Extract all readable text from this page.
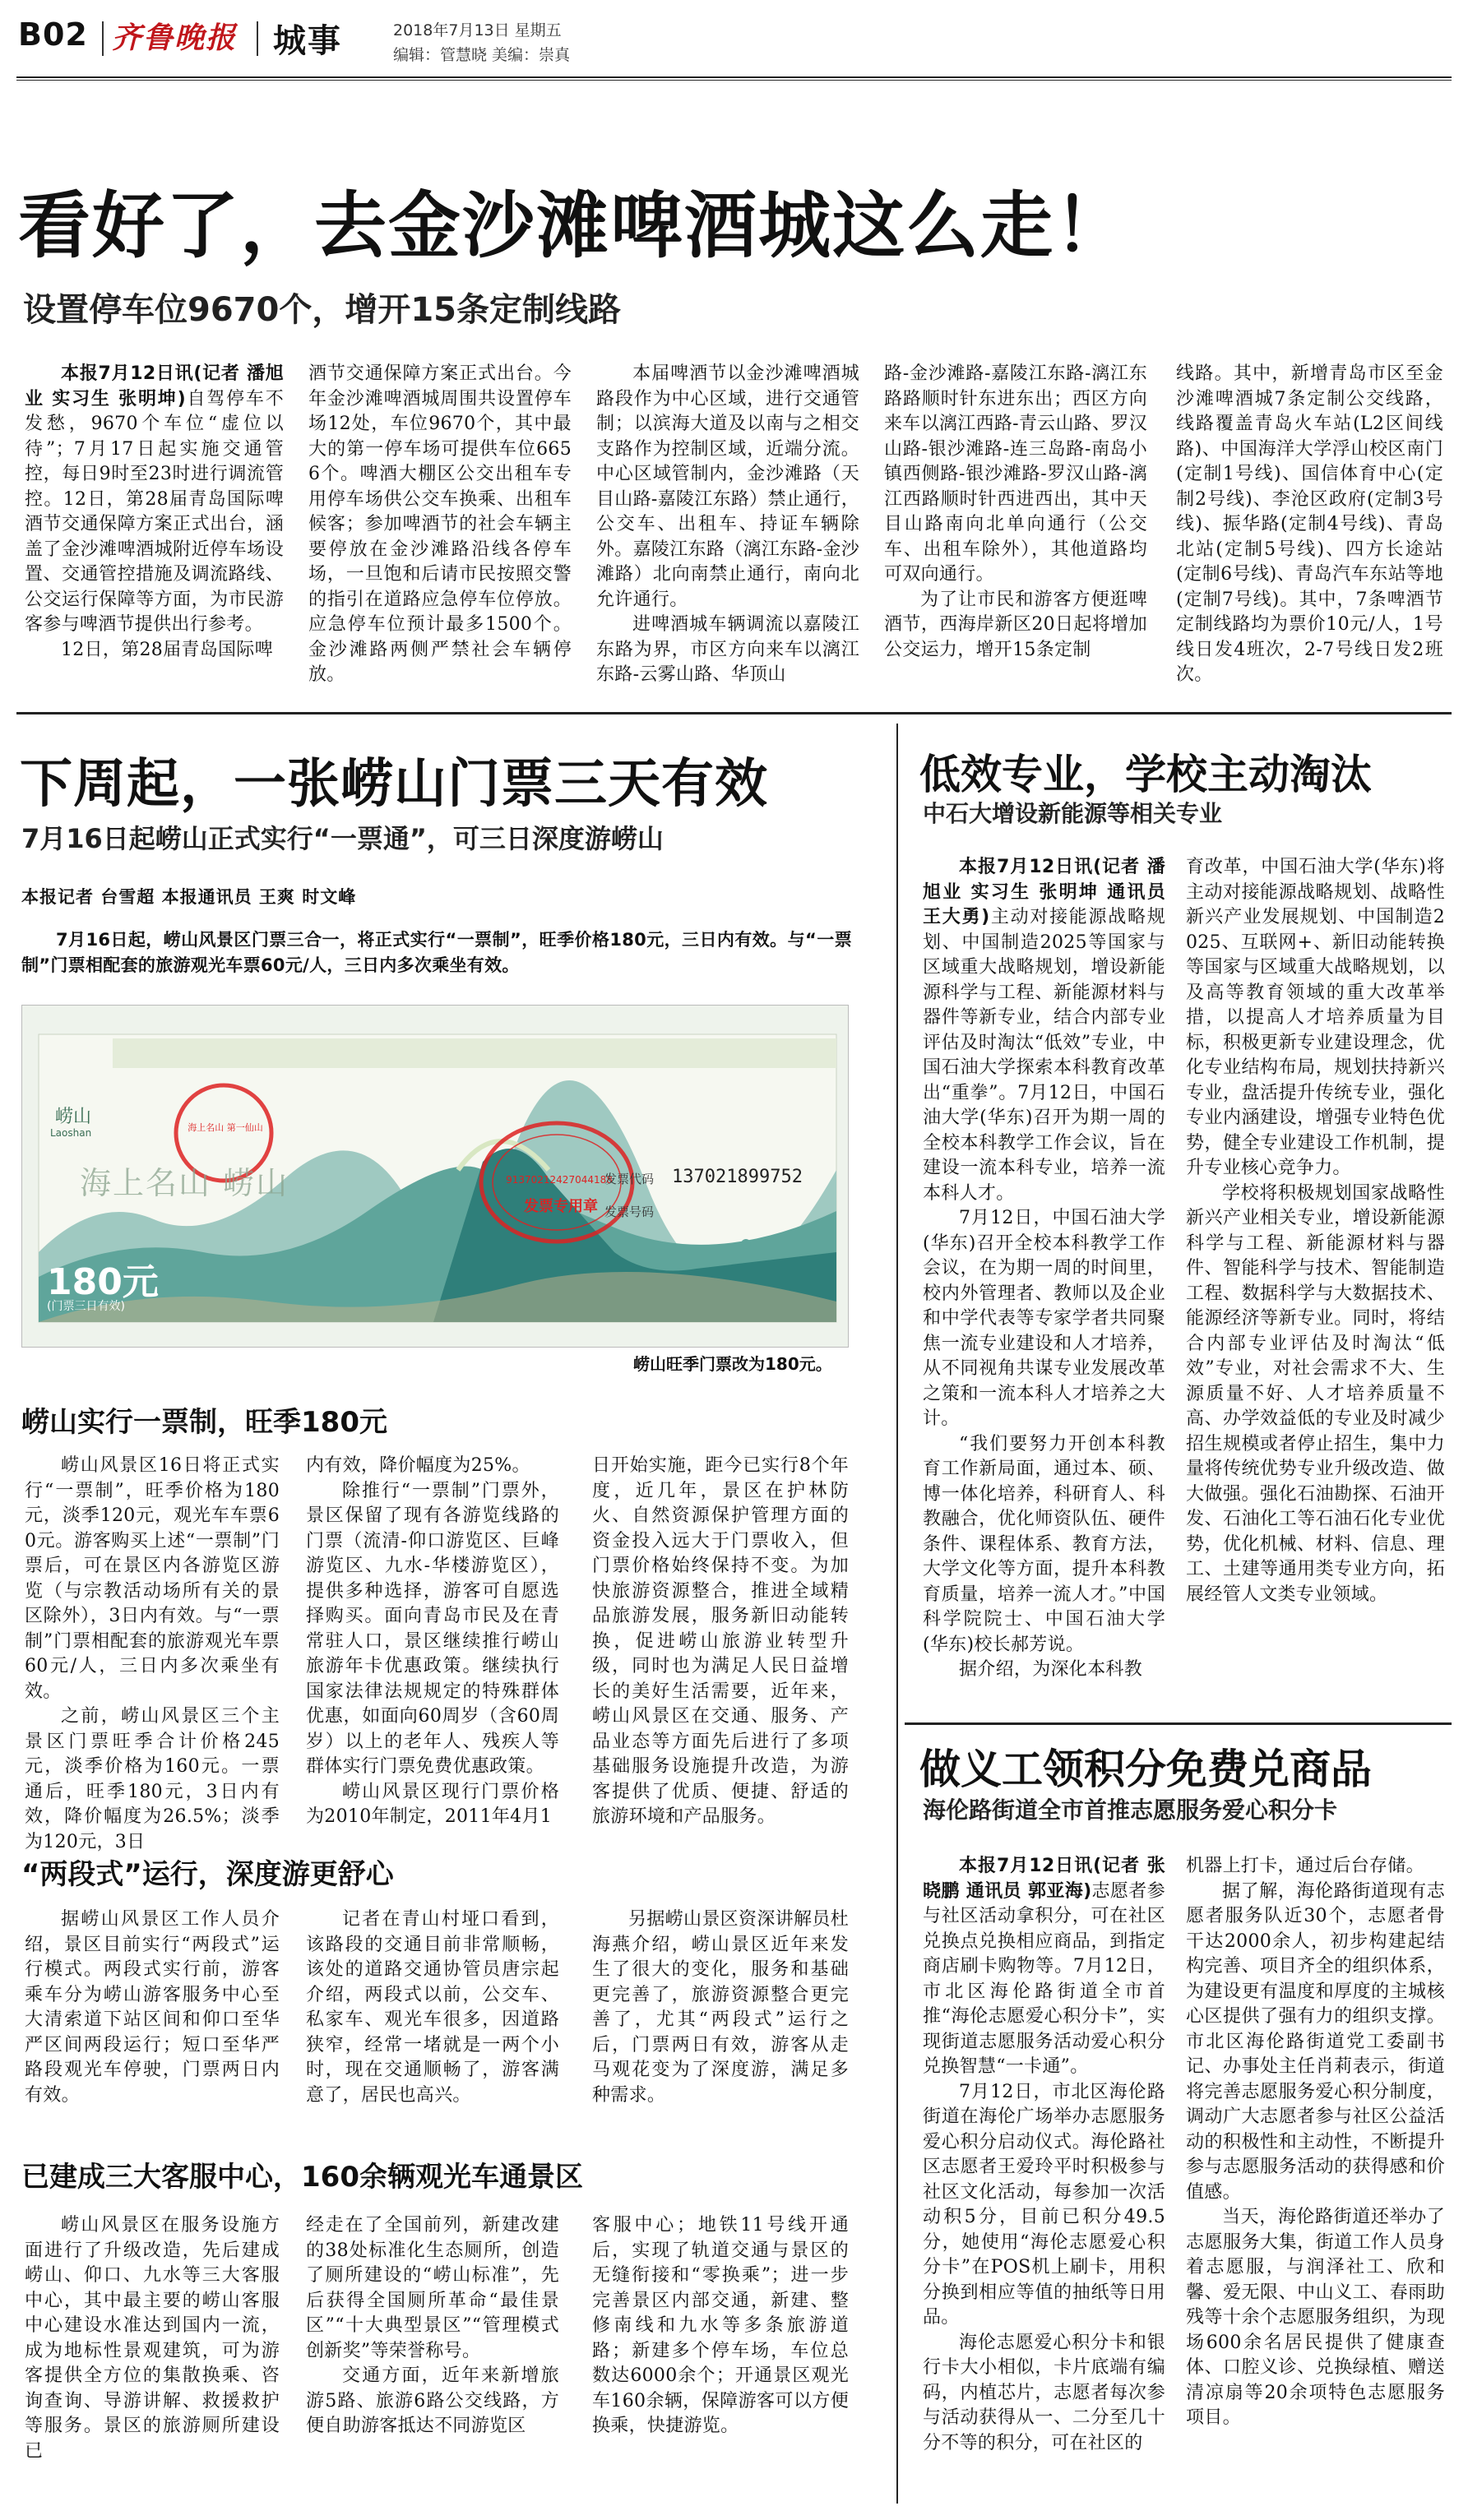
B02 齐鲁晚报 城事	2018年7月13日 星期五
编辑：管慧晓 美编：崇真
看好了，去金沙滩啤酒城这么走！
设置停车位9670个，增开15条定制线路

本报7月12日讯(记者 潘旭业 实习生 张明坤)自驾停车不发愁，9670个车位“虚位以待”；7月17日起实施交通管控，每日9时至23时进行调流管控。12日，第28届青岛国际啤酒节交通保障方案正式出台，涵盖了金沙滩啤酒城附近停车场设置、交通管控措施及调流路线、公交运行保障等方面，为市民游客参与啤酒节提供出行参考。

12日，第28届青岛国际啤

酒节交通保障方案正式出台。今年金沙滩啤酒城周围共设置停车场12处，车位9670个，其中最大的第一停车场可提供车位6656个。啤酒大棚区公交出租车专用停车场供公交车换乘、出租车候客；参加啤酒节的社会车辆主要停放在金沙滩路沿线各停车场，一旦饱和后请市民按照交警的指引在道路应急停车位停放。应急停车位预计最多1500个。金沙滩路两侧严禁社会车辆停放。

本届啤酒节以金沙滩啤酒城路段作为中心区域，进行交通管制；以滨海大道及以南与之相交支路作为控制区域，近端分流。中心区域管制内，金沙滩路（天目山路-嘉陵江东路）禁止通行，公交车、出租车、持证车辆除外。嘉陵江东路（漓江东路-金沙滩路）北向南禁止通行，南向北允许通行。

进啤酒城车辆调流以嘉陵江东路为界，市区方向来车以漓江东路-云雾山路、华顶山

路-金沙滩路-嘉陵江东路-漓江东路路顺时针东进东出；西区方向来车以漓江西路-青云山路、罗汉山路-银沙滩路-连三岛路-南岛小镇西侧路-银沙滩路-罗汉山路-漓江西路顺时针西进西出，其中天目山路南向北单向通行（公交车、出租车除外），其他道路均可双向通行。

为了让市民和游客方便逛啤酒节，西海岸新区20日起将增加公交运力，增开15条定制

线路。其中，新增青岛市区至金沙滩啤酒城7条定制公交线路，线路覆盖青岛火车站(L2区间线路)、中国海洋大学浮山校区南门(定制1号线)、国信体育中心(定制2号线)、李沧区政府(定制3号线)、振华路(定制4号线)、青岛北站(定制5号线)、四方长途站(定制6号线)、青岛汽车东站等地(定制7号线)。其中，7条啤酒节定制线路均为票价10元/人，1号线日发4班次，2-7号线日发2班次。

下周起，一张崂山门票三天有效
7月16日起崂山正式实行“一票通”，可三日深度游崂山
本报记者 台雪超 本报通讯员 王爽 时文峰

7月16日起，崂山风景区门票三合一，将正式实行“一票制”，旺季价格180元，三日内有效。与“一票制”门票相配套的旅游观光车票60元/人，三日内多次乘坐有效。

崂山
Laoshan
海上名山 崂山
海上名山 第一仙山
91370212427044188
发票专用章
发票代码 137021899752
发票号码
180元
(门票三日有效)
崂山旺季门票改为180元。
崂山实行一票制，旺季180元

崂山风景区16日将正式实行“一票制”，旺季价格为180元，淡季120元，观光车车票60元。游客购买上述“一票制”门票后，可在景区内各游览区游览（与宗教活动场所有关的景区除外），3日内有效。与“一票制”门票相配套的旅游观光车票60元/人，三日内多次乘坐有效。

之前，崂山风景区三个主景区门票旺季合计价格245元，淡季价格为160元。一票通后，旺季180元，3日内有效，降价幅度为26.5%；淡季为120元，3日

内有效，降价幅度为25%。

除推行“一票制”门票外，景区保留了现有各游览线路的门票（流清-仰口游览区、巨峰游览区、九水-华楼游览区），提供多种选择，游客可自愿选择购买。面向青岛市民及在青常驻人口，景区继续推行崂山旅游年卡优惠政策。继续执行国家法律法规规定的特殊群体优惠，如面向60周岁（含60周岁）以上的老年人、残疾人等群体实行门票免费优惠政策。

崂山风景区现行门票价格为2010年制定，2011年4月1

日开始实施，距今已实行8个年度，近几年，景区在护林防火、自然资源保护管理方面的资金投入远大于门票收入，但门票价格始终保持不变。为加快旅游资源整合，推进全域精品旅游发展，服务新旧动能转换，促进崂山旅游业转型升级，同时也为满足人民日益增长的美好生活需要，近年来，崂山风景区在交通、服务、产品业态等方面先后进行了多项基础服务设施提升改造，为游客提供了优质、便捷、舒适的旅游环境和产品服务。

“两段式”运行，深度游更舒心

据崂山风景区工作人员介绍，景区目前实行“两段式”运行模式。两段式实行前，游客乘车分为崂山游客服务中心至大清索道下站区间和仰口至华严区间两段运行；短口至华严路段观光车停驶，门票两日内有效。

记者在青山村垭口看到，该路段的交通目前非常顺畅，该处的道路交通协管员唐宗起介绍，两段式以前，公交车、私家车、观光车很多，因道路狭窄，经常一堵就是一两个小时，现在交通顺畅了，游客满意了，居民也高兴。

另据崂山景区资深讲解员杜海燕介绍，崂山景区近年来发生了很大的变化，服务和基础更完善了，旅游资源整合更完善了，尤其“两段式”运行之后，门票两日有效，游客从走马观花变为了深度游，满足多种需求。

已建成三大客服中心，160余辆观光车通景区

崂山风景区在服务设施方面进行了升级改造，先后建成崂山、仰口、九水等三大客服中心，其中最主要的崂山客服中心建设水准达到国内一流，成为地标性景观建筑，可为游客提供全方位的集散换乘、咨询查询、导游讲解、救援救护等服务。景区的旅游厕所建设已

经走在了全国前列，新建改建的38处标准化生态厕所，创造了厕所建设的“崂山标准”，先后获得全国厕所革命“最佳景区”“十大典型景区”“管理模式创新奖”等荣誉称号。

交通方面，近年来新增旅游5路、旅游6路公交线路，方便自助游客抵达不同游览区

客服中心；地铁11号线开通后，实现了轨道交通与景区的无缝衔接和“零换乘”；进一步完善景区内部交通，新建、整修南线和九水等多条旅游道路；新建多个停车场，车位总数达6000余个；开通景区观光车160余辆，保障游客可以方便换乘，快捷游览。

低效专业，学校主动淘汰
中石大增设新能源等相关专业

本报7月12日讯(记者 潘旭业 实习生 张明坤 通讯员 王大勇)主动对接能源战略规划、中国制造2025等国家与区域重大战略规划，增设新能源科学与工程、新能源材料与器件等新专业，结合内部专业评估及时淘汰“低效”专业，中国石油大学探索本科教育改革出“重拳”。7月12日，中国石油大学(华东)召开为期一周的全校本科教学工作会议，旨在建设一流本科专业，培养一流本科人才。

7月12日，中国石油大学(华东)召开全校本科教学工作会议，在为期一周的时间里，校内外管理者、教师以及企业和中学代表等专家学者共同聚焦一流专业建设和人才培养，从不同视角共谋专业发展改革之策和一流本科人才培养之大计。

“我们要努力开创本科教育工作新局面，通过本、硕、博一体化培养，科研育人、科教融合，优化师资队伍、硬件条件、课程体系、教育方法，大学文化等方面，提升本科教育质量，培养一流人才。”中国科学院院士、中国石油大学(华东)校长郝芳说。

据介绍，为深化本科教

育改革，中国石油大学(华东)将主动对接能源战略规划、战略性新兴产业发展规划、中国制造2025、互联网+、新旧动能转换等国家与区域重大战略规划，以及高等教育领域的重大改革举措，以提高人才培养质量为目标，积极更新专业建设理念，优化专业结构布局，规划扶持新兴专业，盘活提升传统专业，强化专业内涵建设，增强专业特色优势，健全专业建设工作机制，提升专业核心竞争力。

学校将积极规划国家战略性新兴产业相关专业，增设新能源科学与工程、新能源材料与器件、智能科学与技术、智能制造工程、数据科学与大数据技术、能源经济等新专业。同时，将结合内部专业评估及时淘汰“低效”专业，对社会需求不大、生源质量不好、人才培养质量不高、办学效益低的专业及时减少招生规模或者停止招生，集中力量将传统优势专业升级改造、做大做强。强化石油勘探、石油开发、石油化工等石油石化专业优势，优化机械、材料、信息、理工、土建等通用类专业方向，拓展经管人文类专业领域。

做义工领积分免费兑商品
海伦路街道全市首推志愿服务爱心积分卡

本报7月12日讯(记者 张晓鹏 通讯员 郭亚海)志愿者参与社区活动拿积分，可在社区兑换点兑换相应商品，到指定商店刷卡购物等。7月12日，市北区海伦路街道全市首推“海伦志愿爱心积分卡”，实现街道志愿服务活动爱心积分兑换智慧“一卡通”。

7月12日，市北区海伦路街道在海伦广场举办志愿服务爱心积分启动仪式。海伦路社区志愿者王爱玲平时积极参与社区文化活动，每参加一次活动积5分，目前已积分49.5分，她使用“海伦志愿爱心积分卡”在POS机上刷卡，用积分换到相应等值的抽纸等日用品。

海伦志愿爱心积分卡和银行卡大小相似，卡片底端有编码，内植芯片，志愿者每次参与活动获得从一、二分至几十分不等的积分，可在社区的

机器上打卡，通过后台存储。

据了解，海伦路街道现有志愿者服务队近30个，志愿者骨干达2000余人，初步构建起结构完善、项目齐全的组织体系，为建设更有温度和厚度的主城核心区提供了强有力的组织支撑。市北区海伦路街道党工委副书记、办事处主任肖莉表示，街道将完善志愿服务爱心积分制度，调动广大志愿者参与社区公益活动的积极性和主动性，不断提升参与志愿服务活动的获得感和价值感。

当天，海伦路街道还举办了志愿服务大集，街道工作人员身着志愿服，与润泽社工、欣和馨、爱无限、中山义工、春雨助残等十余个志愿服务组织，为现场600余名居民提供了健康查体、口腔义诊、兑换绿植、赠送清凉扇等20余项特色志愿服务项目。
